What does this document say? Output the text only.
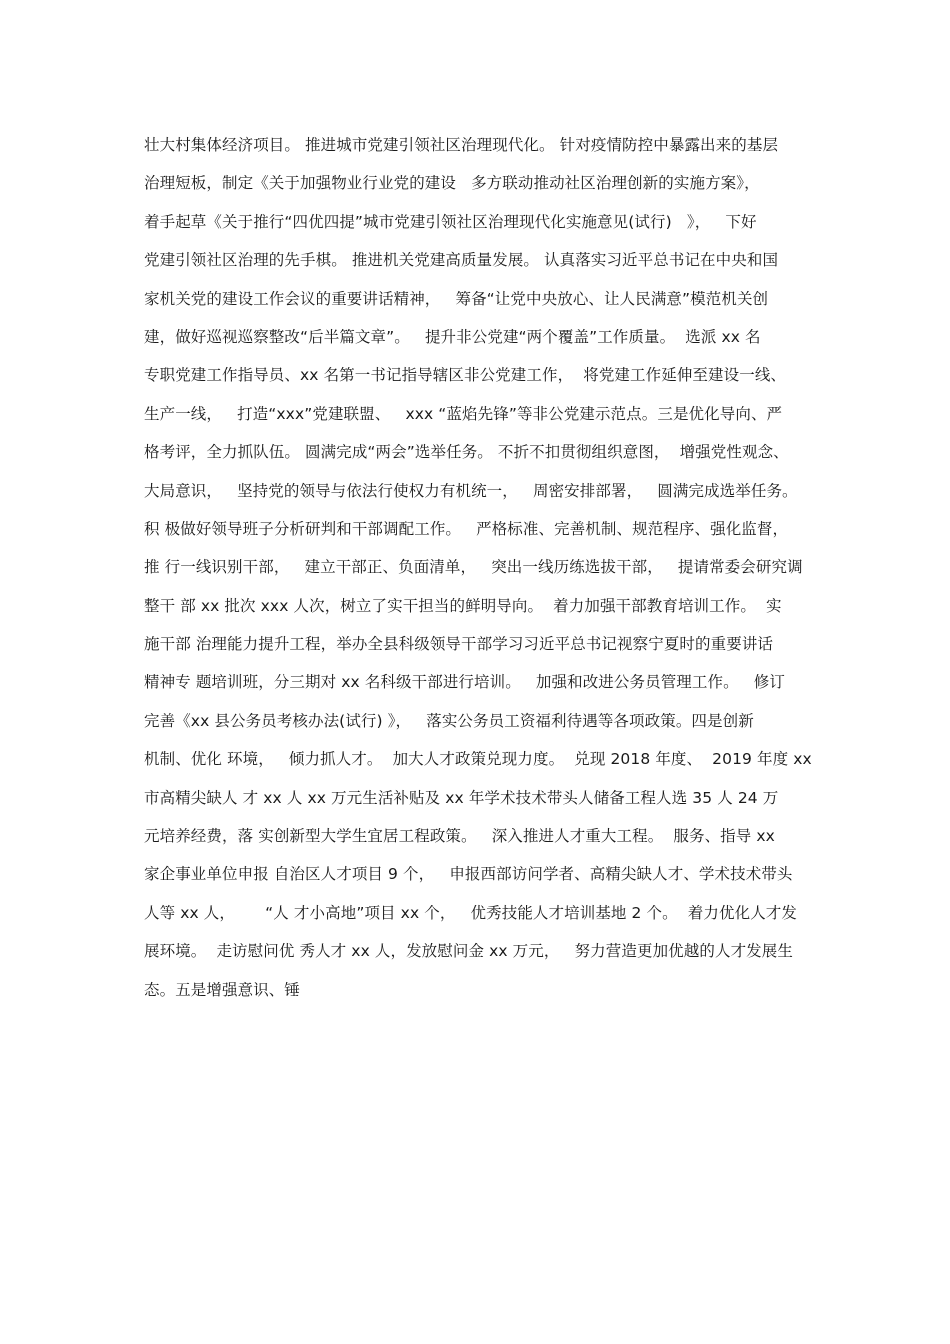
壮大村集体经济项目。 推进城市党建引领社区治理现代化。 针对疫情防控中暴露出来的基层
治理短板，制定《关于加强物业行业党的建设   多方联动推动社区治理创新的实施方案》，
着手起草《关于推行“四优四提”城市党建引领社区治理现代化实施意见(试行)   》，   下好
党建引领社区治理的先手棋。 推进机关党建高质量发展。 认真落实习近平总书记在中央和国
家机关党的建设工作会议的重要讲话精神，   筹备“让党中央放心、让人民满意”模范机关创
建，做好巡视巡察整改“后半篇文章”。   提升非公党建“两个覆盖”工作质量。  选派 xx 名
专职党建工作指导员、xx 名第一书记指导辖区非公党建工作，  将党建工作延伸至建设一线、
生产一线，   打造“xxx”党建联盟、   xxx “蓝焰先锋”等非公党建示范点。三是优化导向、严
格考评，全力抓队伍。 圆满完成“两会”选举任务。 不折不扣贯彻组织意图，  增强党性观念、
大局意识，   坚持党的领导与依法行使权力有机统一，   周密安排部署，   圆满完成选举任务。
积 极做好领导班子分析研判和干部调配工作。   严格标准、完善机制、规范程序、强化监督，
推 行一线识别干部，   建立干部正、负面清单，   突出一线历练选拔干部，   提请常委会研究调
整干 部 xx 批次 xxx 人次，树立了实干担当的鲜明导向。  着力加强干部教育培训工作。  实
施干部 治理能力提升工程，举办全县科级领导干部学习习近平总书记视察宁夏时的重要讲话
精神专 题培训班，分三期对 xx 名科级干部进行培训。   加强和改进公务员管理工作。   修订
完善《xx 县公务员考核办法(试行) 》，   落实公务员工资福利待遇等各项政策。四是创新
机制、优化 环境，   倾力抓人才。  加大人才政策兑现力度。  兑现 2018 年度、  2019 年度 xx
市高精尖缺人 才 xx 人 xx 万元生活补贴及 xx 年学术技术带头人储备工程人选 35 人 24 万
元培养经费，落 实创新型大学生宜居工程政策。   深入推进人才重大工程。  服务、指导 xx
家企事业单位申报 自治区人才项目 9 个，   申报西部访问学者、高精尖缺人才、学术技术带头
人等 xx 人，      “人 才小高地”项目 xx 个，   优秀技能人才培训基地 2 个。  着力优化人才发
展环境。  走访慰问优 秀人才 xx 人，发放慰问金 xx 万元，   努力营造更加优越的人才发展生
态。五是增强意识、锤
